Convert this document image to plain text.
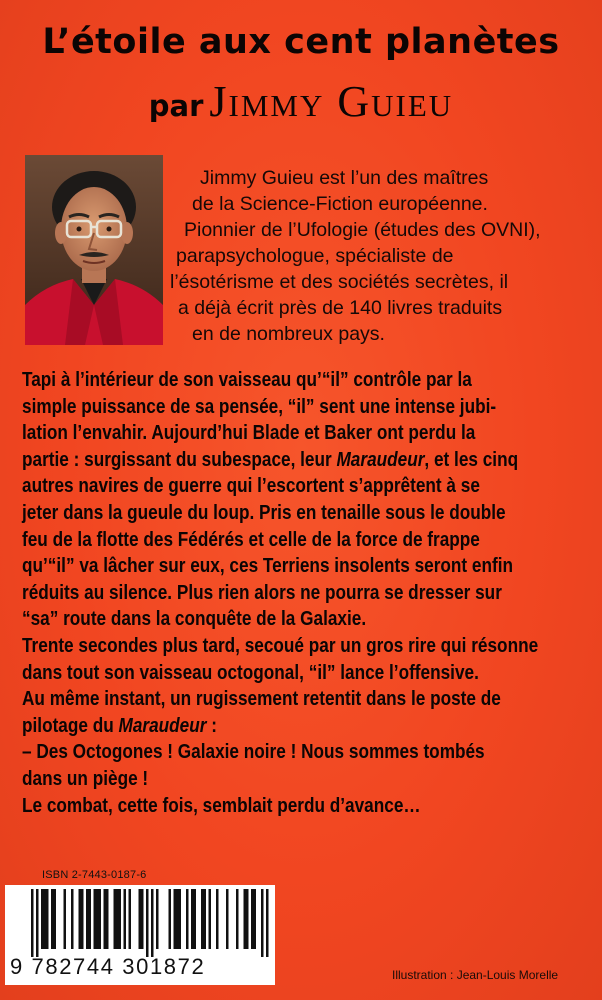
L’étoile aux cent planètes
par Jimmy Guieu
Jimmy Guieu est l’un des maîtres
de la Science-Fiction européenne.
Pionnier de l’Ufologie (études des OVNI),
parapsychologue, spécialiste de
l’ésotérisme et des sociétés secrètes, il
a déjà écrit près de 140 livres traduits
en de nombreux pays.
Tapi à l’intérieur de son vaisseau qu’“il” contrôle par la
simple puissance de sa pensée, “il” sent une intense jubi-
lation l’envahir. Aujourd’hui Blade et Baker ont perdu la
partie : surgissant du subespace, leur Maraudeur, et les cinq
autres navires de guerre qui l’escortent s’apprêtent à se
jeter dans la gueule du loup. Pris en tenaille sous le double
feu de la flotte des Fédérés et celle de la force de frappe
qu’“il” va lâcher sur eux, ces Terriens insolents seront enfin
réduits au silence. Plus rien alors ne pourra se dresser sur
“sa” route dans la conquête de la Galaxie.
Trente secondes plus tard, secoué par un gros rire qui résonne
dans tout son vaisseau octogonal, “il” lance l’offensive.
Au même instant, un rugissement retentit dans le poste de
pilotage du Maraudeur :
– Des Octogones ! Galaxie noire ! Nous sommes tombés
dans un piège !
Le combat, cette fois, semblait perdu d’avance…
ISBN 2-7443-0187-6
9 782744 301872	Illustration : Jean-Louis Morelle
